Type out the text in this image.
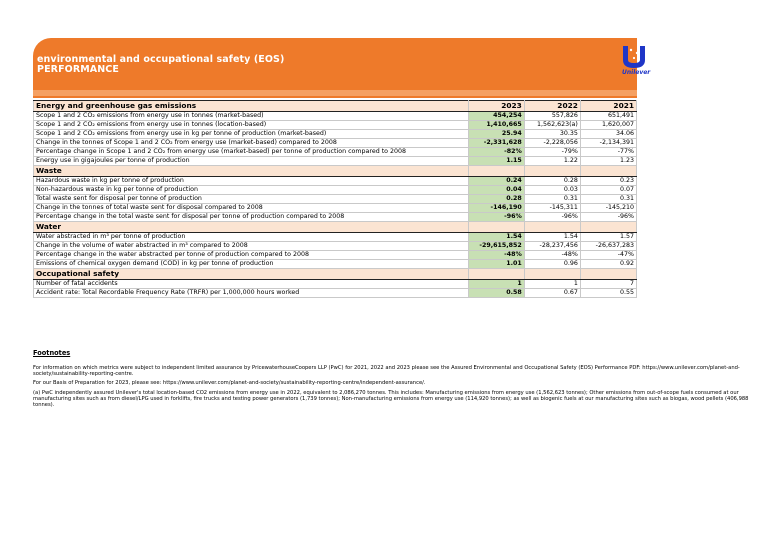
environmental and occupational safety (EOS)
PERFORMANCE	Unilever
Energy and greenhouse gas emissions	2023	2022	2021
Scope 1 and 2 CO₂ emissions from energy use in tonnes (market-based)	454,254	557,826	651,491
Scope 1 and 2 CO₂ emissions from energy use in tonnes (location-based)	1,410,665	1,562,623(a)	1,620,007
Scope 1 and 2 CO₂ emissions from energy use in kg per tonne of production (market-based)	25.94	30.35	34.06
Change in the tonnes of Scope 1 and 2 CO₂ from energy use (market-based) compared to 2008	-2,331,628	-2,228,056	-2,134,391
Percentage change in Scope 1 and 2 CO₂ from energy use (market-based) per tonne of production compared to 2008	-82%	-79%	-77%
Energy use in gigajoules per tonne of production	1.15	1.22	1.23
Waste			
Hazardous waste in kg per tonne of production	0.24	0.28	0.23
Non-hazardous waste in kg per tonne of production	0.04	0.03	0.07
Total waste sent for disposal per tonne of production	0.28	0.31	0.31
Change in the tonnes of total waste sent for disposal compared to 2008	-146,190	-145,311	-145,210
Percentage change in the total waste sent for disposal per tonne of production compared to 2008	-96%	-96%	-96%
Water			
Water abstracted in m³ per tonne of production	1.54	1.54	1.57
Change in the volume of water abstracted in m³ compared to 2008	-29,615,852	-28,237,456	-26,637,283
Percentage change in the water abstracted per tonne of production compared to 2008	-48%	-48%	-47%
Emissions of chemical oxygen demand (COD) in kg per tonne of production	1.01	0.96	0.92
Occupational safety			
Number of fatal accidents	1	1	7
Accident rate: Total Recordable Frequency Rate (TRFR) per 1,000,000 hours worked	0.58	0.67	0.55
Footnotes

For information on which metrics were subject to independent limited assurance by PricewaterhouseCoopers LLP (PwC) for 2021, 2022 and 2023 please see the Assured Environmental and Occupational Safety (EOS) Performance PDF: https://www.unilever.com/planet-and-society/sustainability-reporting-centre.

For our Basis of Preparation for 2023, please see: https://www.unilever.com/planet-and-society/sustainability-reporting-centre/independent-assurance/.

(a) PwC independently assured Unilever's total location-based CO2 emissions from energy use in 2022, equivalent to 2,086,270 tonnes. This includes: Manufacturing emissions from energy use (1,562,623 tonnes); Other emissions from out-of-scope fuels consumed at our manufacturing sites such as from diesel/LPG used in forklifts, fire trucks and testing power generators (1,739 tonnes); Non-manufacturing emissions from energy use (114,920 tonnes); as well as biogenic fuels at our manufacturing sites such as biogas, wood pellets (406,988 tonnes).
